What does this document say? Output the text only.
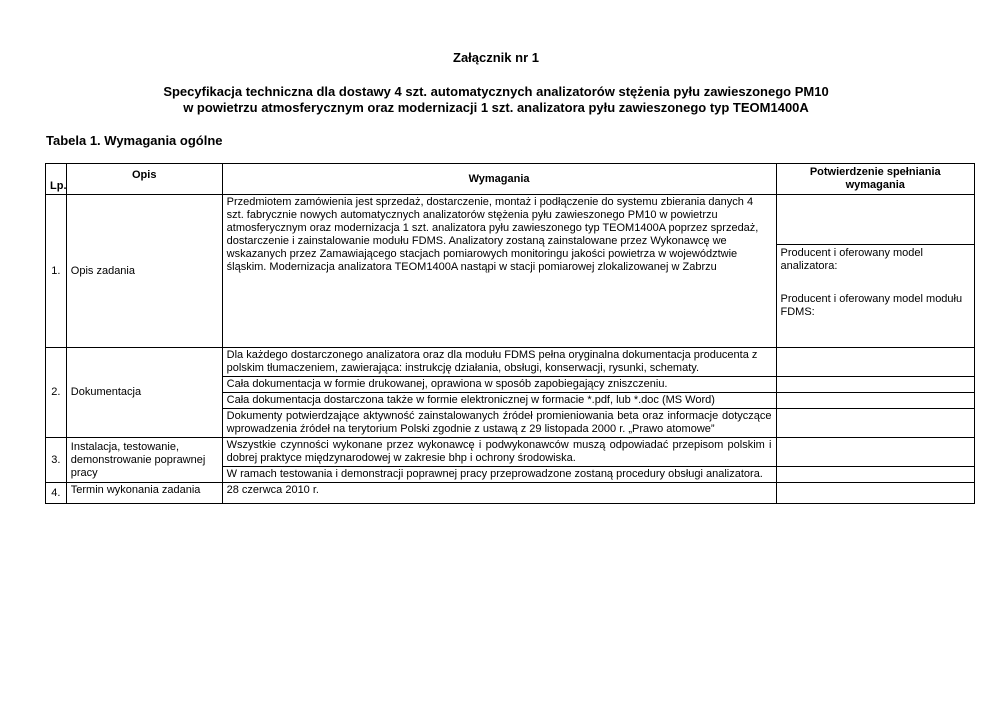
Załącznik nr 1
Specyfikacja techniczna dla dostawy 4 szt. automatycznych analizatorów stężenia pyłu zawieszonego PM10
w powietrzu atmosferycznym oraz modernizacji 1 szt. analizatora pyłu zawieszonego typ TEOM1400A
Tabela 1. Wymagania ogólne
Lp.	Opis	Wymagania	Potwierdzenie spełniania wymagania
1.	Opis zadania	Przedmiotem zamówienia jest sprzedaż, dostarczenie, montaż i podłączenie do systemu zbierania danych 4 szt. fabrycznie nowych automatycznych analizatorów stężenia pyłu zawieszonego PM10 w powietrzu atmosferycznym oraz modernizacja 1 szt. analizatora pyłu zawieszonego typ TEOM1400A poprzez sprzedaż, dostarczenie i zainstalowanie modułu FDMS. Analizatory zostaną zainstalowane przez Wykonawcę we wskazanych przez Zamawiającego stacjach pomiarowych monitoringu jakości powietrza w województwie śląskim. Modernizacja analizatora TEOM1400A nastąpi w stacji pomiarowej zlokalizowanej w Zabrzu	
			Producent i oferowany model analizatora:
			Producent i oferowany model modułu FDMS:
2.	Dokumentacja	Dla każdego dostarczonego analizatora oraz dla modułu FDMS pełna oryginalna dokumentacja producenta z polskim tłumaczeniem, zawierająca: instrukcję działania, obsługi, konserwacji, rysunki, schematy.	
		Cała dokumentacja w formie drukowanej, oprawiona w sposób zapobiegający zniszczeniu.	
		Cała dokumentacja dostarczona także w formie elektronicznej w formacie *.pdf, lub *.doc (MS Word)	
		Dokumenty potwierdzające aktywność zainstalowanych źródeł promieniowania beta oraz informacje dotyczące wprowadzenia źródeł na terytorium Polski zgodnie z ustawą z 29 listopada 2000 r. „Prawo atomowe”	
3.	Instalacja, testowanie, demonstrowanie poprawnej pracy	Wszystkie czynności wykonane przez wykonawcę i podwykonawców muszą odpowiadać przepisom polskim i dobrej praktyce międzynarodowej w zakresie bhp i ochrony środowiska.	
		W ramach testowania i demonstracji poprawnej pracy przeprowadzone zostaną procedury obsługi analizatora.	
4.	Termin wykonania zadania	28 czerwca 2010 r.	
